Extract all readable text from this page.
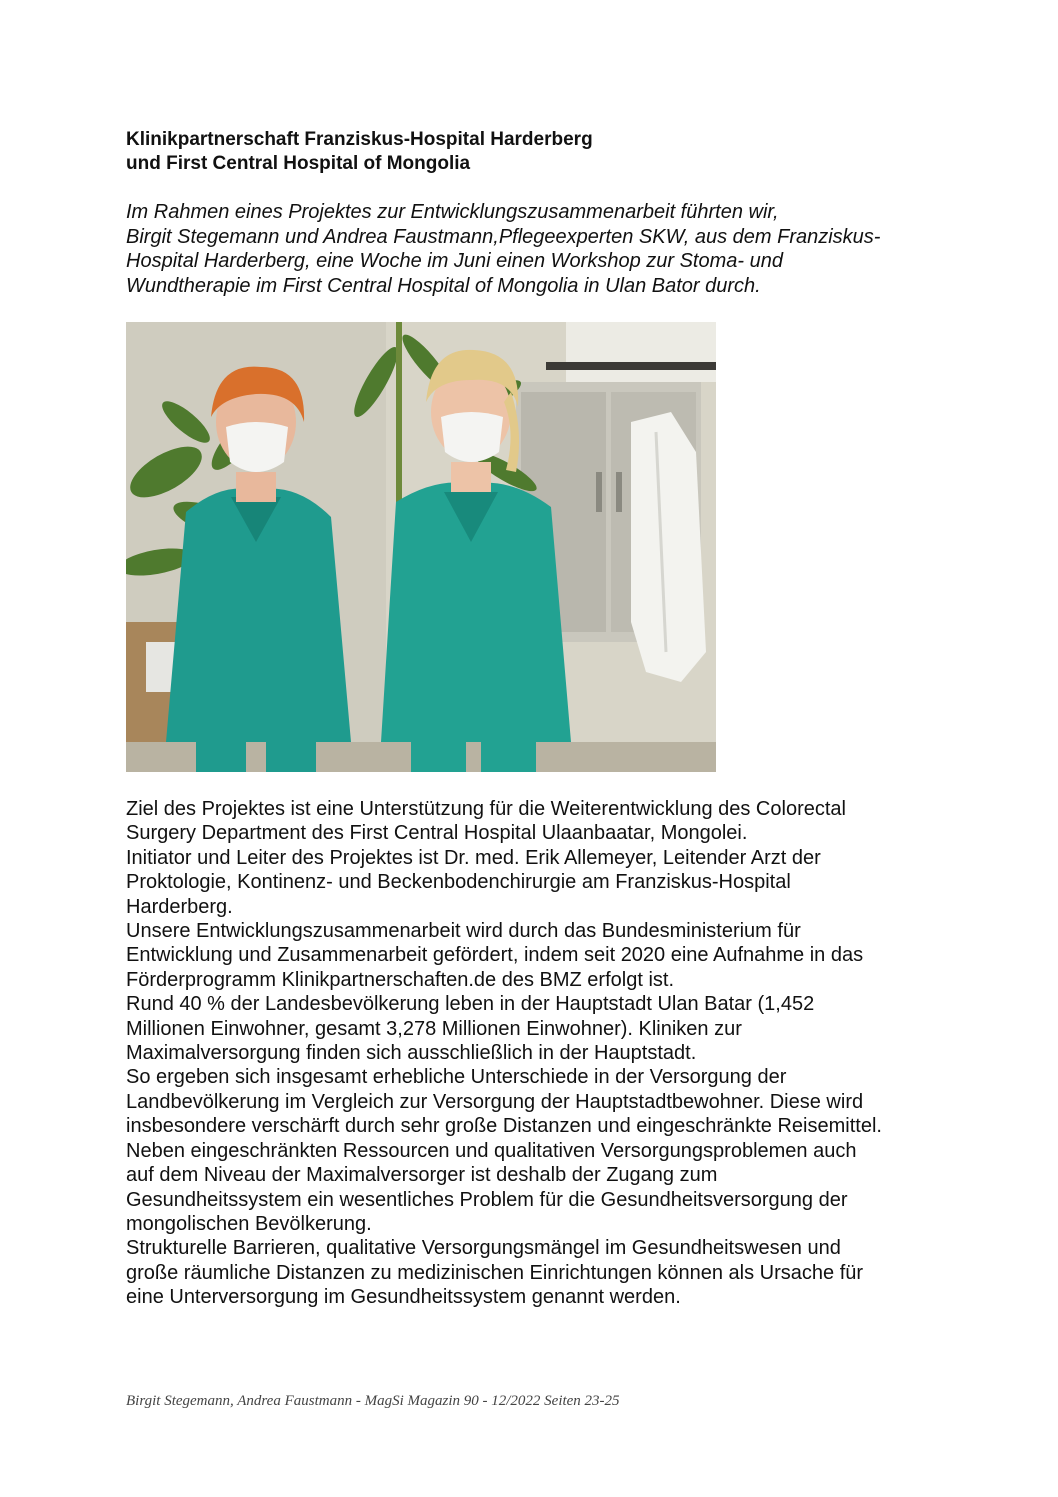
Klinikpartnerschaft Franziskus-Hospital Harderberg
und First Central Hospital of Mongolia
Im Rahmen eines Projektes zur Entwicklungszusammenarbeit führten wir,
Birgit Stegemann und Andrea Faustmann,Pflegeexperten SKW, aus dem Franziskus-
Hospital Harderberg, eine Woche im Juni einen Workshop zur Stoma- und
Wundtherapie im First Central Hospital of Mongolia in Ulan Bator durch.
Ziel des Projektes ist eine Unterstützung für die Weiterentwicklung des Colorectal
Surgery Department des First Central Hospital Ulaanbaatar, Mongolei.
Initiator und Leiter des Projektes ist Dr. med. Erik Allemeyer, Leitender Arzt der
Proktologie, Kontinenz- und Beckenbodenchirurgie am Franziskus-Hospital
Harderberg.
Unsere Entwicklungszusammenarbeit wird durch das Bundesministerium für
Entwicklung und Zusammenarbeit gefördert, indem seit 2020 eine Aufnahme in das
Förderprogramm Klinikpartnerschaften.de des BMZ erfolgt ist.
Rund 40 % der Landesbevölkerung leben in der Hauptstadt Ulan Batar (1,452
Millionen Einwohner, gesamt 3,278 Millionen Einwohner). Kliniken zur
Maximalversorgung finden sich ausschließlich in der Hauptstadt.
So ergeben sich insgesamt erhebliche Unterschiede in der Versorgung der
Landbevölkerung im Vergleich zur Versorgung der Hauptstadtbewohner. Diese wird
insbesondere verschärft durch sehr große Distanzen und eingeschränkte Reisemittel.
Neben eingeschränkten Ressourcen und qualitativen Versorgungsproblemen auch
auf dem Niveau der Maximalversorger ist deshalb der Zugang zum
Gesundheitssystem ein wesentliches Problem für die Gesundheitsversorgung der
mongolischen Bevölkerung.
Strukturelle Barrieren, qualitative Versorgungsmängel im Gesundheitswesen und
große räumliche Distanzen zu medizinischen Einrichtungen können als Ursache für
eine Unterversorgung im Gesundheitssystem genannt werden.
Birgit Stegemann, Andrea Faustmann - MagSi Magazin 90 - 12/2022 Seiten 23-25
